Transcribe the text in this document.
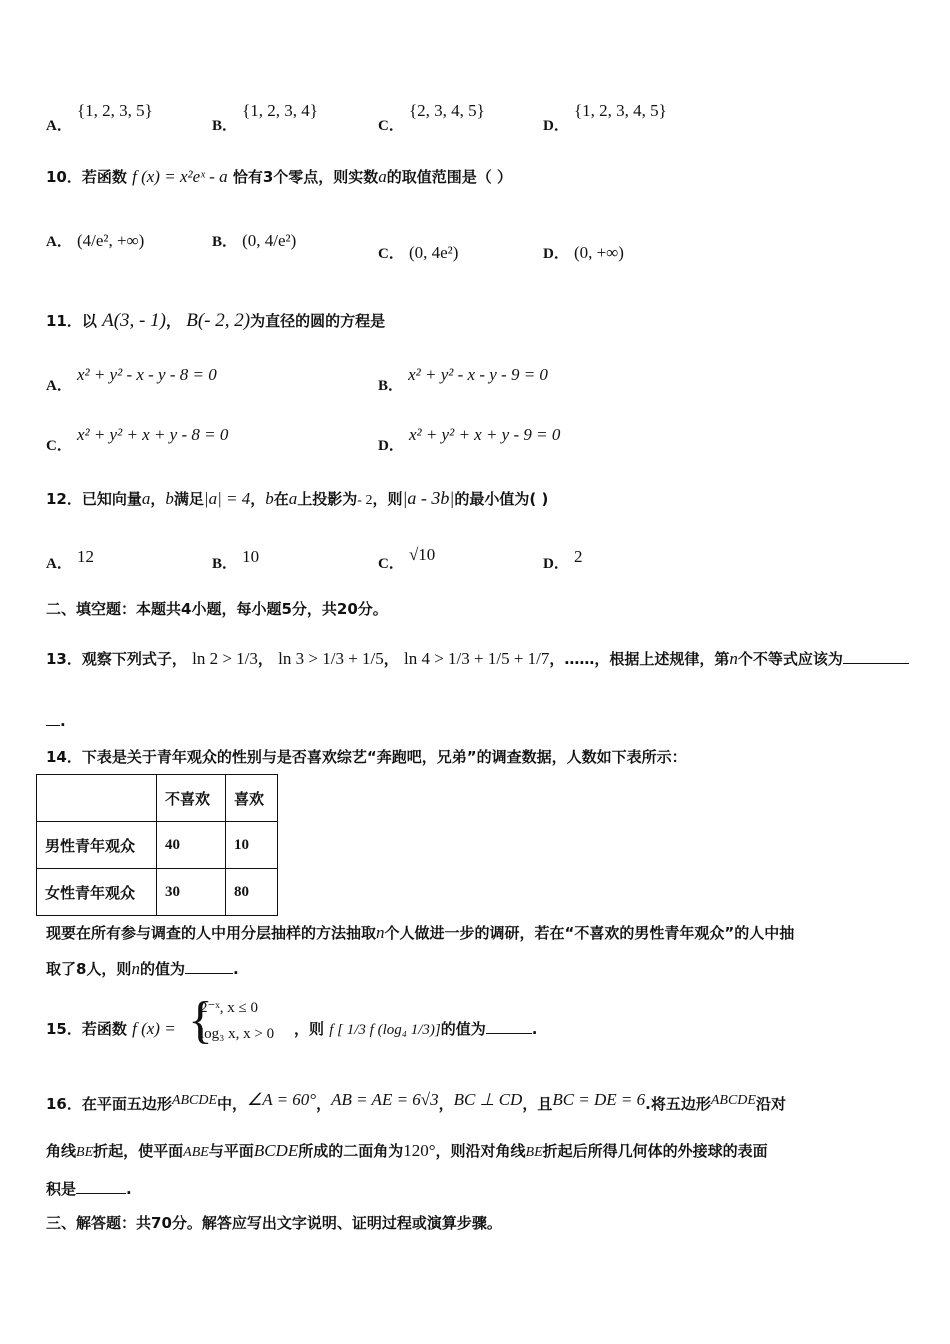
A． {1, 2, 3, 5}
B． {1, 2, 3, 4}
C． {2, 3, 4, 5}
D． {1, 2, 3, 4, 5}
10．若函数 f (x) = x²eˣ - a 恰有3个零点，则实数a的取值范围是（ ）
A． (4/e², +∞)	B． (0, 4/e²)
C． (0, 4e²)	D． (0, +∞)
11．以 A(3, - 1)， B(- 2, 2)为直径的圆的方程是
A． x² + y² - x - y - 8 = 0
B． x² + y² - x - y - 9 = 0
C． x² + y² + x + y - 8 = 0
D． x² + y² + x + y - 9 = 0
12．已知向量a，b满足|a| = 4，b在a上投影为- 2，则|a - 3b|的最小值为( )
A． 12	B． 10	C． √10	D． 2
二、填空题：本题共4小题，每小题5分，共20分。
13．观察下列式子， ln 2 > 1/3， ln 3 > 1/3 + 1/5， ln 4 > 1/3 + 1/5 + 1/7，……，根据上述规律，第n个不等式应该为
.
14．下表是关于青年观众的性别与是否喜欢综艺“奔跑吧，兄弟”的调查数据，人数如下表所示：
	不喜欢	喜欢
男性青年观众	40	10
女性青年观众	30	80
现要在所有参与调查的人中用分层抽样的方法抽取n个人做进一步的调研，若在“不喜欢的男性青年观众”的人中抽
取了8人，则n的值为	.
15．若函数 f (x) = {
2⁻ˣ, x ≤ 0
log₃ x, x > 0 ，则 f [ 1/3 f (log₄ 1/3)]的值为	.
16．在平面五边形ABCDE中，∠A = 60°，AB = AE = 6√3，BC ⊥ CD，且BC = DE = 6.将五边形ABCDE沿对
角线BE折起，使平面ABE与平面BCDE所成的二面角为120°，则沿对角线BE折起后所得几何体的外接球的表面
积是	.
三、解答题：共70分。解答应写出文字说明、证明过程或演算步骤。
